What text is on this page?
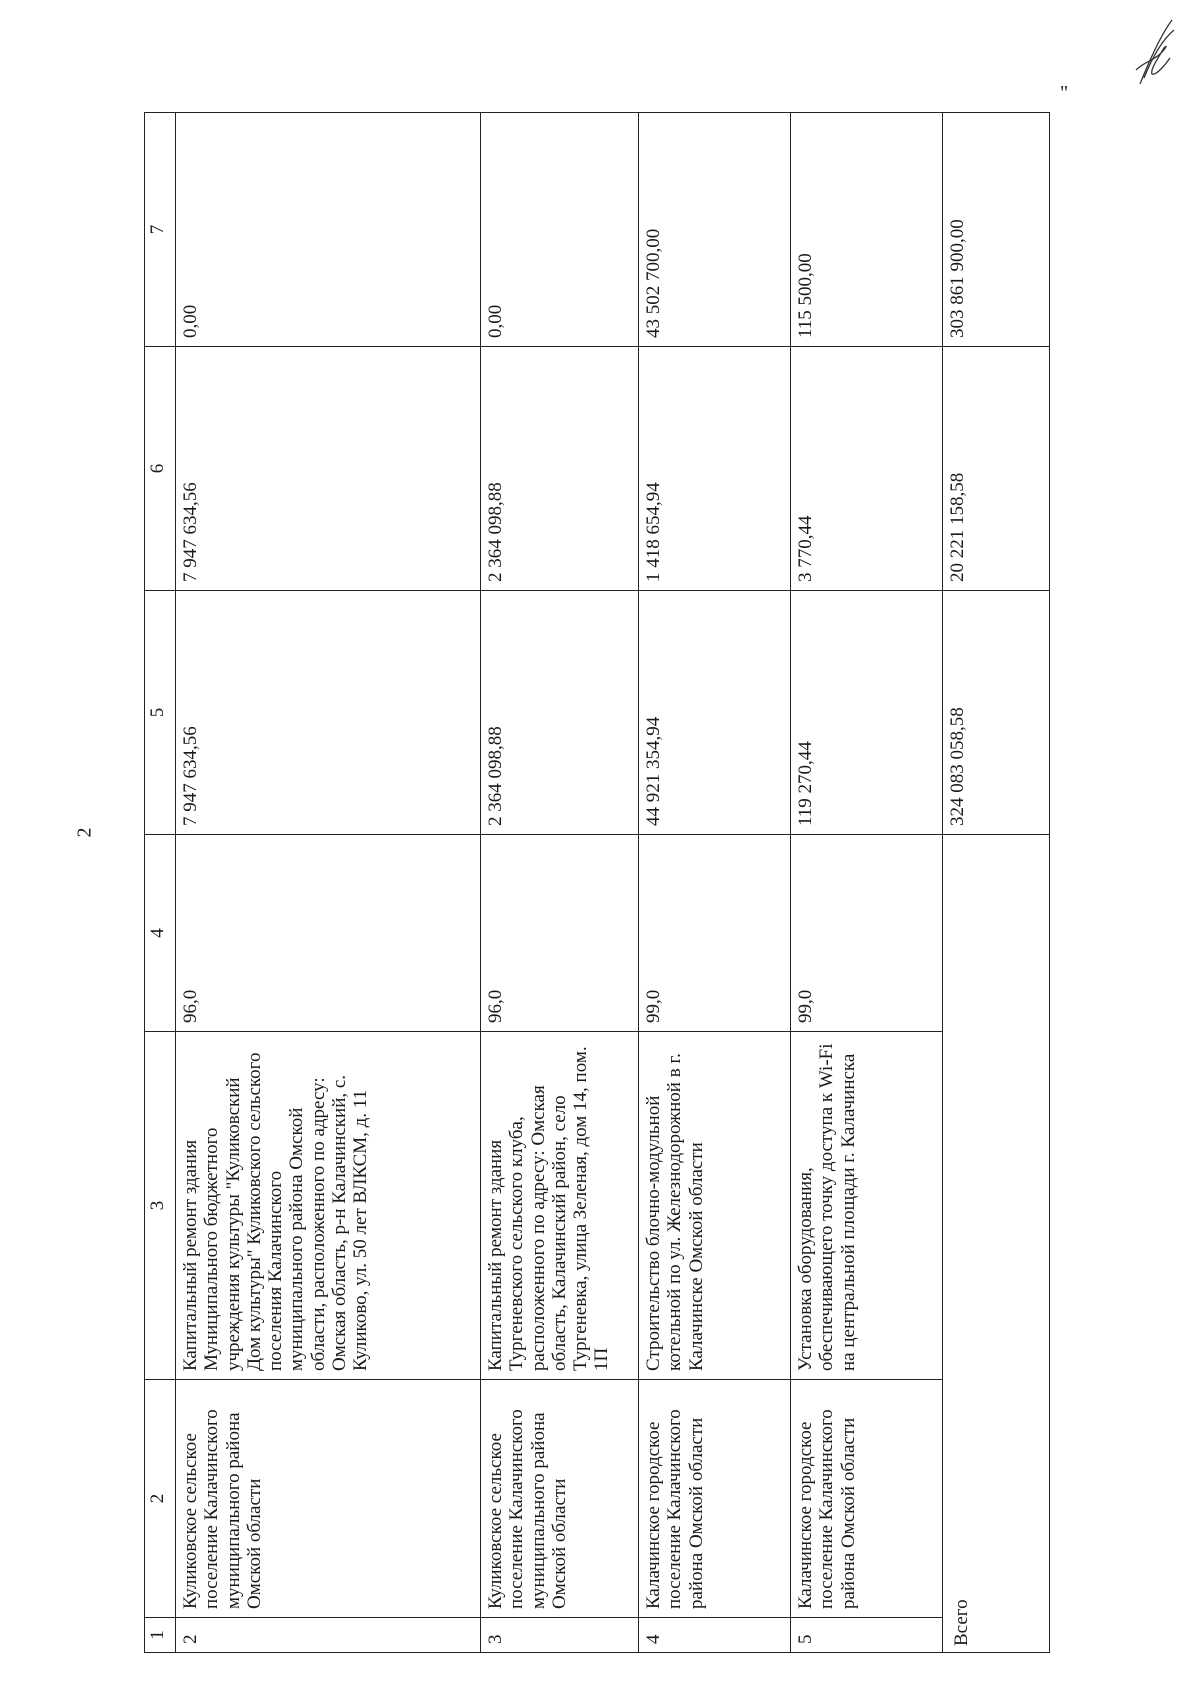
2
"
1	2	3	4	5	6	7
2	Куликовское сельское поселение Калачинского муниципального района Омской области	Капитальный ремонт здания Муниципального бюджетного учреждения культуры "Куликовский Дом культуры" Куликовского сельского поселения Калачинского муниципального района Омской области, расположенного по адресу: Омская область, р-н Калачинский, с. Куликово, ул. 50 лет ВЛКСМ, д. 11	96,0	7 947 634,56	7 947 634,56	0,00
3	Куликовское сельское поселение Калачинского муниципального района Омской области	Капитальный ремонт здания Тургеневского сельского клуба, расположенного по адресу: Омская область, Калачинский район, село Тургеневка, улица Зеленая, дом 14, пом. 1П	96,0	2 364 098,88	2 364 098,88	0,00
4	Калачинское городское поселение Калачинского района Омской области	Строительство блочно-модульной котельной по ул. Железнодорожной в г. Калачинске Омской области	99,0	44 921 354,94	1 418 654,94	43 502 700,00
5	Калачинское городское поселение Калачинского района Омской области	Установка оборудования, обеспечивающего точку доступа к Wi-Fi на центральной площади г. Калачинска	99,0	119 270,44	3 770,44	115 500,00
Всего				324 083 058,58	20 221 158,58	303 861 900,00
